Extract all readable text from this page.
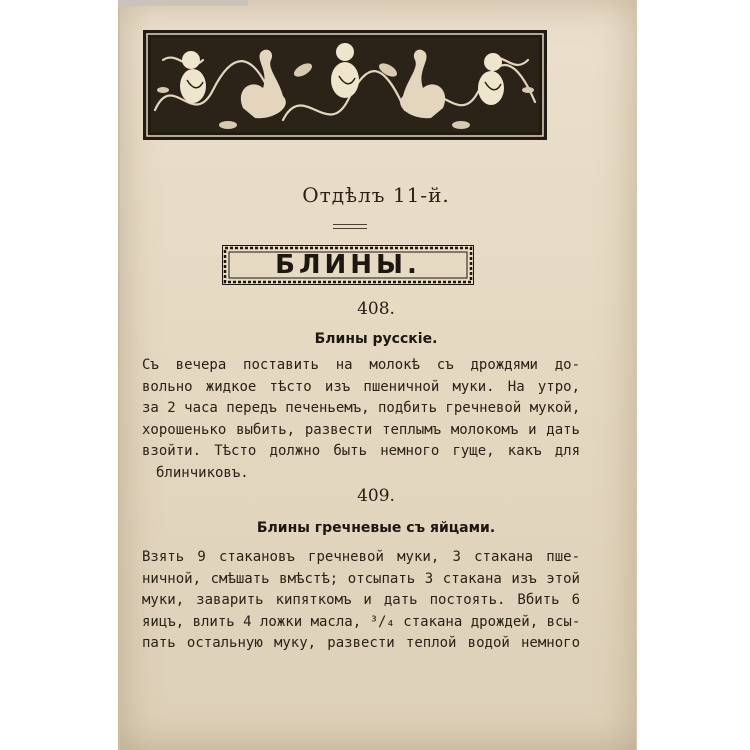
Отдѣлъ 11-й.
БЛИНЫ.
408.
Блины русскіе.
Съ вечера поставить на молокѣ съ дрождями до-
вольно жидкое тѣсто изъ пшеничной муки. На утро,
за 2 часа передъ печеньемъ, подбить гречневой мукой,
хорошенько выбить, развести теплымъ молокомъ и дать
взойти. Тѣсто должно быть немного гуще, какъ для
блинчиковъ.
409.
Блины гречневые съ яйцами.
Взять 9 стакановъ гречневой муки, 3 стакана пше-
ничной, смѣшать вмѣстѣ; отсыпать 3 стакана изъ этой
муки, заварить кипяткомъ и дать постоять. Вбить 6
яицъ, влить 4 ложки масла, ³/₄ стакана дрождей, всы-
пать остальную муку, развести теплой водой немного
